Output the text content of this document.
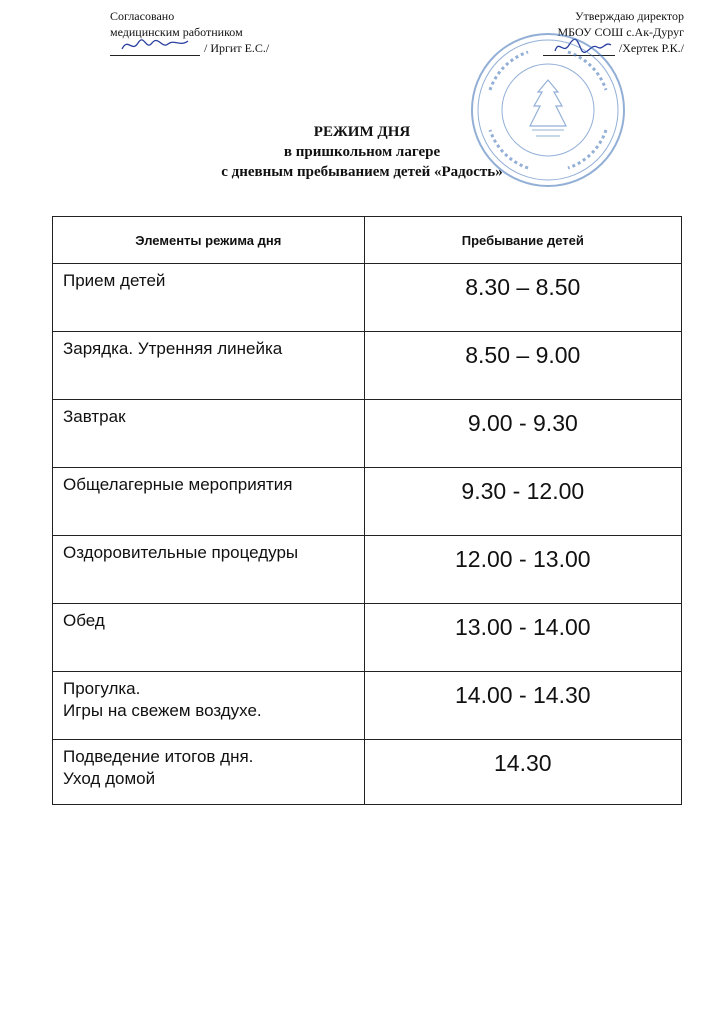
Согласовано
медицинским работником
/ Иргит Е.С./
Утверждаю директор
МБОУ СОШ с.Ак-Дуруг
/Хертек Р.К./
РЕЖИМ ДНЯ
в пришкольном лагере
с дневным пребыванием детей «Радость»
Элементы режима дня	Пребывание детей
Прием детей	8.30 – 8.50
Зарядка. Утренняя линейка	8.50 – 9.00
Завтрак	9.00 - 9.30
Общелагерные мероприятия	9.30 - 12.00
Оздоровительные процедуры	12.00 - 13.00
Обед	13.00 - 14.00
Прогулка.
Игры на свежем воздухе.	14.00 - 14.30
Подведение итогов дня.
Уход домой	14.30
